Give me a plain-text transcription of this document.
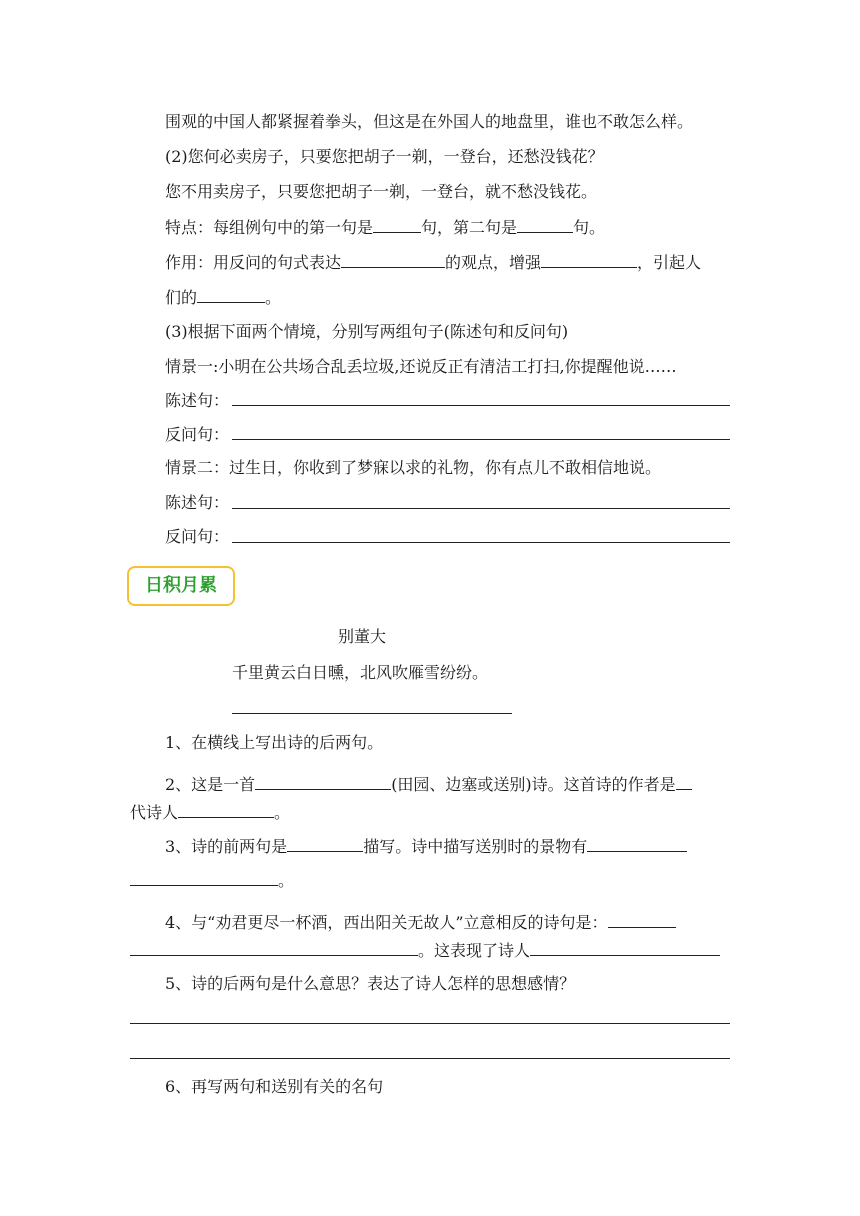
围观的中国人都紧握着拳头，但这是在外国人的地盘里，谁也不敢怎么样。
(2)您何必卖房子，只要您把胡子一剃，一登台，还愁没钱花？
您不用卖房子，只要您把胡子一剃，一登台，就不愁没钱花。
特点：每组例句中的第一句是	句，第二句是	句。
作用：用反问的句式表达	的观点，增强	，引起人
们的	。
(3)根据下面两个情境，分别写两组句子(陈述句和反问句)
情景一:小明在公共场合乱丢垃圾,还说反正有清洁工打扫,你提醒他说……
陈述句：
反问句：
情景二：过生日，你收到了梦寐以求的礼物，你有点儿不敢相信地说。
陈述句：
反问句：
日积月累
别董大
千里黄云白日曛，北风吹雁雪纷纷。
1、在横线上写出诗的后两句。
2、这是一首	(田园、边塞或送别)诗。这首诗的作者是
代诗人	。
3、诗的前两句是	描写。诗中描写送别时的景物有
。
4、与“劝君更尽一杯酒，西出阳关无故人”立意相反的诗句是：
。这表现了诗人
5、诗的后两句是什么意思？表达了诗人怎样的思想感情？
6、再写两句和送别有关的名句
